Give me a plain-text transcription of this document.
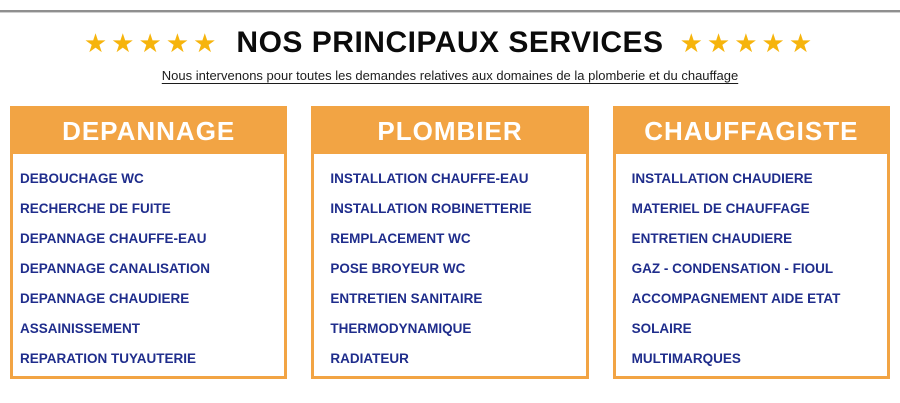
★★★★★ NOS PRINCIPAUX SERVICES ★★★★★
Nous intervenons pour toutes les demandes relatives aux domaines de la plomberie et du chauffage
DEPANNAGE
DEBOUCHAGE WC
RECHERCHE DE FUITE
DEPANNAGE CHAUFFE-EAU
DEPANNAGE CANALISATION
DEPANNAGE CHAUDIERE
ASSAINISSEMENT
REPARATION TUYAUTERIE
PLOMBIER
INSTALLATION CHAUFFE-EAU
INSTALLATION ROBINETTERIE
REMPLACEMENT WC
POSE BROYEUR WC
ENTRETIEN SANITAIRE
THERMODYNAMIQUE
RADIATEUR
CHAUFFAGISTE
INSTALLATION CHAUDIERE
MATERIEL DE CHAUFFAGE
ENTRETIEN CHAUDIERE
GAZ - CONDENSATION - FIOUL
ACCOMPAGNEMENT AIDE ETAT
SOLAIRE
MULTIMARQUES
